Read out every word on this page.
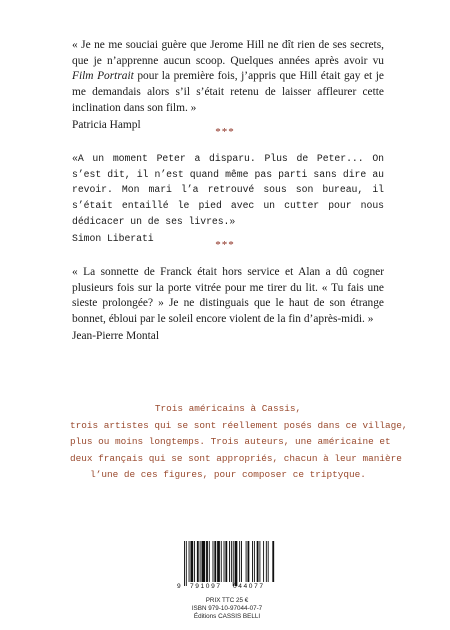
« Je ne me souciai guère que Jerome Hill ne dît rien de ses secrets, que je n’apprenne aucun scoop. Quelques années après avoir vu Film Portrait pour la première fois, j’appris que Hill était gay et je me demandais alors s’il s’était retenu de laisser affleurer cette inclination dans son film. »
Patricia Hampl
***
«A un moment Peter a disparu. Plus de Peter... On s’est dit, il n’est quand même pas parti sans dire au revoir. Mon mari l’a retrouvé sous son bureau, il s’était entaillé le pied avec un cutter pour nous dédicacer un de ses livres.»
Simon Liberati
***
« La sonnette de Franck était hors service et Alan a dû cogner plusieurs fois sur la porte vitrée pour me tirer du lit. « Tu fais une sieste prolongée? » Je ne distinguais que le haut de son étrange bonnet, ébloui par le soleil encore violent de la fin d’après-midi. »
Jean-Pierre Montal
Trois américains à Cassis,
trois artistes qui se sont réellement posés dans ce village,
plus ou moins longtemps. Trois auteurs, une américaine et
deux français qui se sont appropriés, chacun à leur manière
l’une de ces figures, pour composer ce triptyque.
9 791097 044077
PRIX TTC 25 €
ISBN 979-10-97044-07-7
Éditions CASSIS BELLI
